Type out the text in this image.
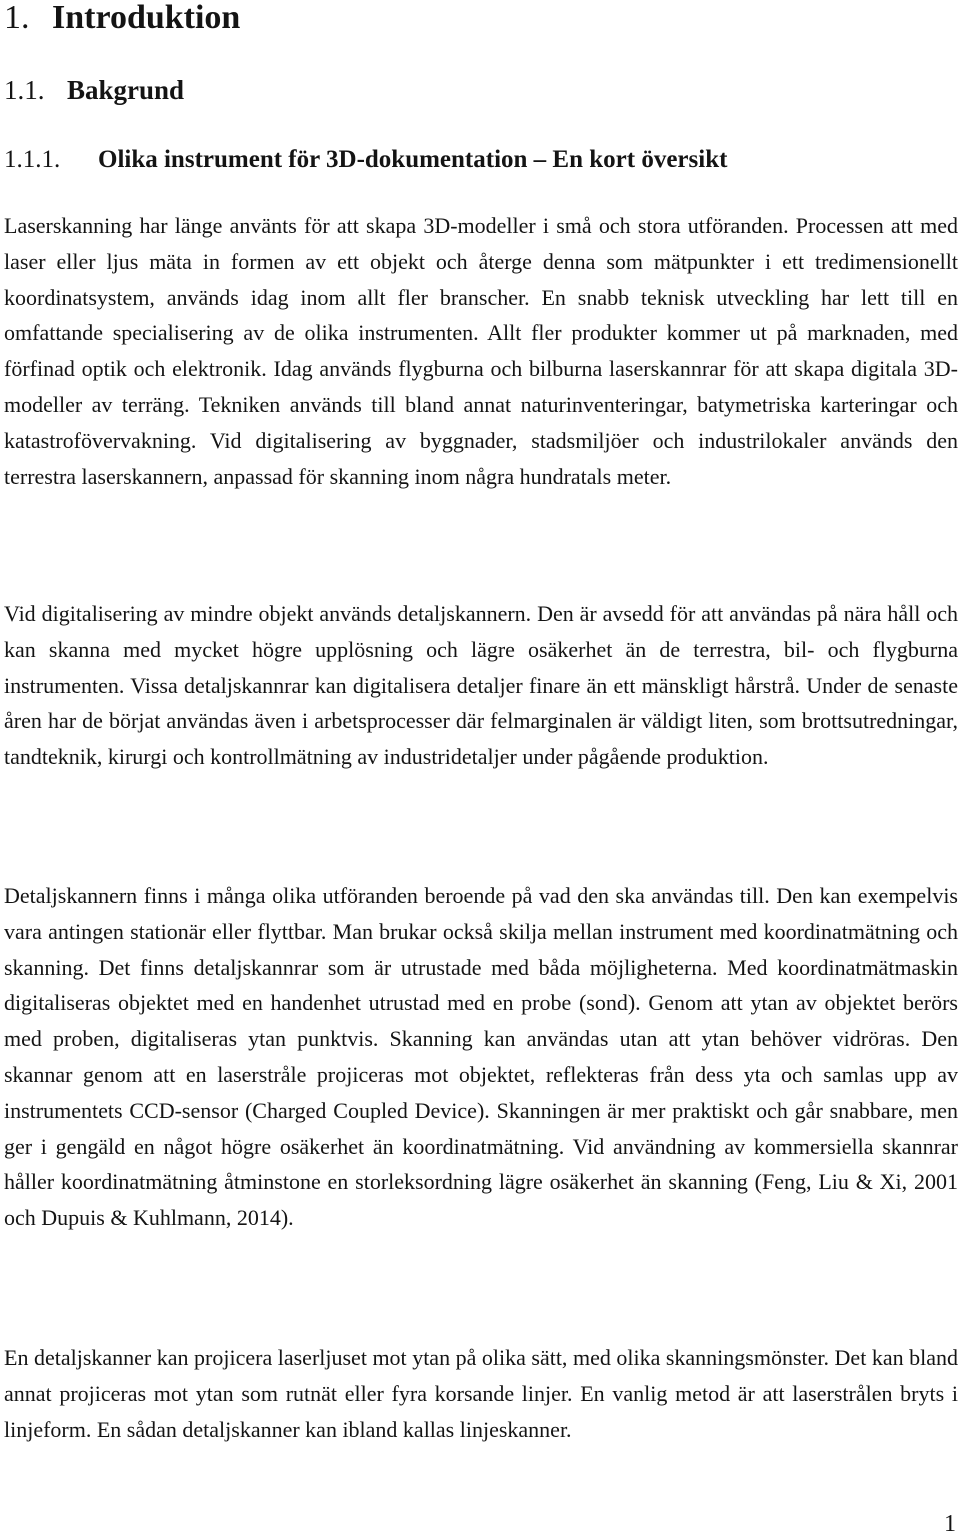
1. Introduktion
1.1. Bakgrund
1.1.1. Olika instrument för 3D-dokumentation – En kort översikt

Laserskanning har länge använts för att skapa 3D-modeller i små och stora utföranden. Processen att med laser eller ljus mäta in formen av ett objekt och återge denna som mätpunkter i ett tredimensionellt koordinatsystem, används idag inom allt fler branscher. En snabb teknisk utveckling har lett till en omfattande specialisering av de olika instrumenten. Allt fler produkter kommer ut på marknaden, med förfinad optik och elektronik. Idag används flygburna och bilburna laserskannrar för att skapa digitala 3D-modeller av terräng. Tekniken används till bland annat naturinventeringar, batymetriska karteringar och katastrofövervakning. Vid digitalisering av byggnader, stadsmiljöer och industrilokaler används den terrestra laserskannern, anpassad för skanning inom några hundratals meter.

Vid digitalisering av mindre objekt används detaljskannern. Den är avsedd för att användas på nära håll och kan skanna med mycket högre upplösning och lägre osäkerhet än de terrestra, bil- och flygburna instrumenten. Vissa detaljskannrar kan digitalisera detaljer finare än ett mänskligt hårstrå. Under de senaste åren har de börjat användas även i arbetsprocesser där felmarginalen är väldigt liten, som brottsutredningar, tandteknik, kirurgi och kontrollmätning av industridetaljer under pågående produktion.

Detaljskannern finns i många olika utföranden beroende på vad den ska användas till. Den kan exempelvis vara antingen stationär eller flyttbar. Man brukar också skilja mellan instrument med koordinatmätning och skanning. Det finns detaljskannrar som är utrustade med båda möjligheterna. Med koordinatmätmaskin digitaliseras objektet med en handenhet utrustad med en probe (sond). Genom att ytan av objektet berörs med proben, digitaliseras ytan punktvis. Skanning kan användas utan att ytan behöver vidröras. Den skannar genom att en laserstråle projiceras mot objektet, reflekteras från dess yta och samlas upp av instrumentets CCD-sensor (Charged Coupled Device). Skanningen är mer praktiskt och går snabbare, men ger i gengäld en något högre osäkerhet än koordinatmätning. Vid användning av kommersiella skannrar håller koordinatmätning åtminstone en storleksordning lägre osäkerhet än skanning (Feng, Liu & Xi, 2001 och Dupuis & Kuhlmann, 2014).

En detaljskanner kan projicera laserljuset mot ytan på olika sätt, med olika skanningsmönster. Det kan bland annat projiceras mot ytan som rutnät eller fyra korsande linjer. En vanlig metod är att laserstrålen bryts i linjeform. En sådan detaljskanner kan ibland kallas linjeskanner.

1
